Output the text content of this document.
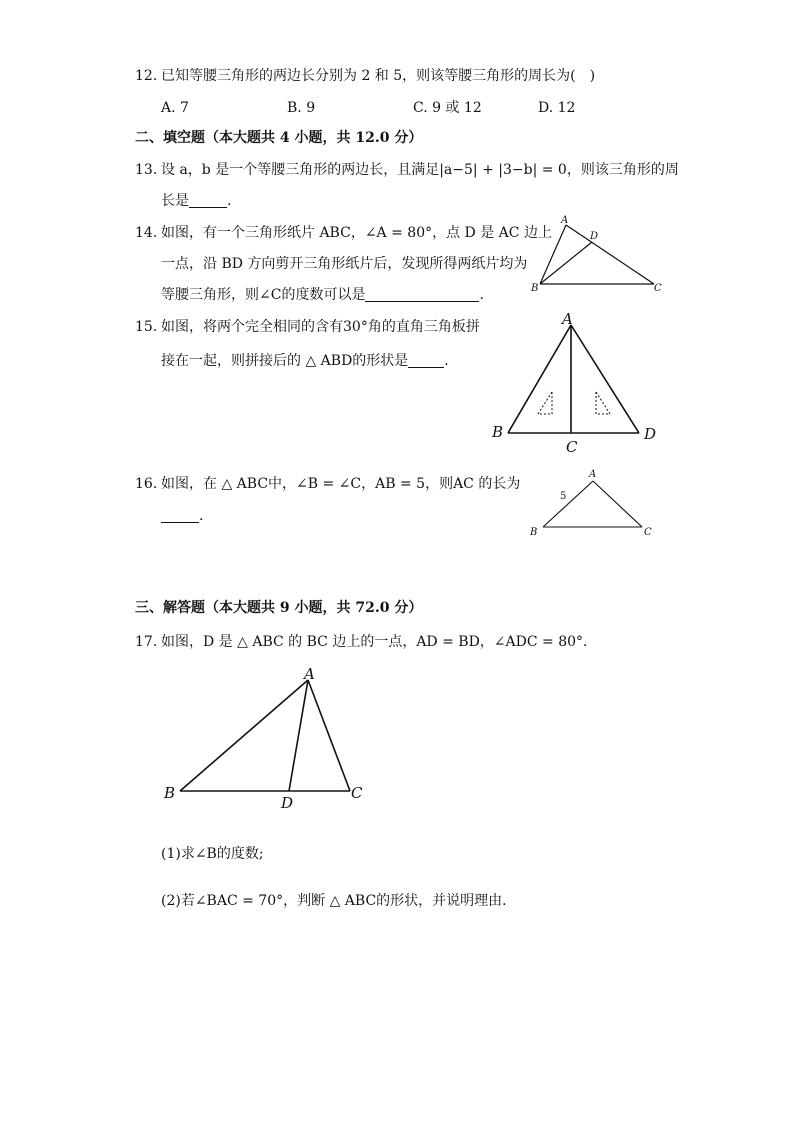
12. 已知等腰三角形的两边长分别为 2 和 5，则该等腰三角形的周长为(　)
A. 7	B. 9	C. 9 或 12	D. 12
二、填空题（本大题共 4 小题，共 12.0 分）
13. 设 a，b 是一个等腰三角形的两边长，且满足|a−5| + |3−b| = 0，则该三角形的周
长是	.
14. 如图，有一个三角形纸片 ABC，∠A = 80°，点 D 是 AC 边上
一点，沿 BD 方向剪开三角形纸片后，发现所得两纸片均为
等腰三角形，则∠C的度数可以是	.
A
D
B	C
15. 如图，将两个完全相同的含有30°角的直角三角板拼
接在一起，则拼接后的 △ ABD的形状是	.
A
B
C
D
16. 如图，在 △ ABC中，∠B = ∠C，AB = 5，则AC 的长为
.
A
5
B	C
三、解答题（本大题共 9 小题，共 72.0 分）
17. 如图，D 是 △ ABC 的 BC 边上的一点，AD = BD，∠ADC = 80°．
A
B
D
C
(1)求∠B的度数;
(2)若∠BAC = 70°，判断 △ ABC的形状，并说明理由．
